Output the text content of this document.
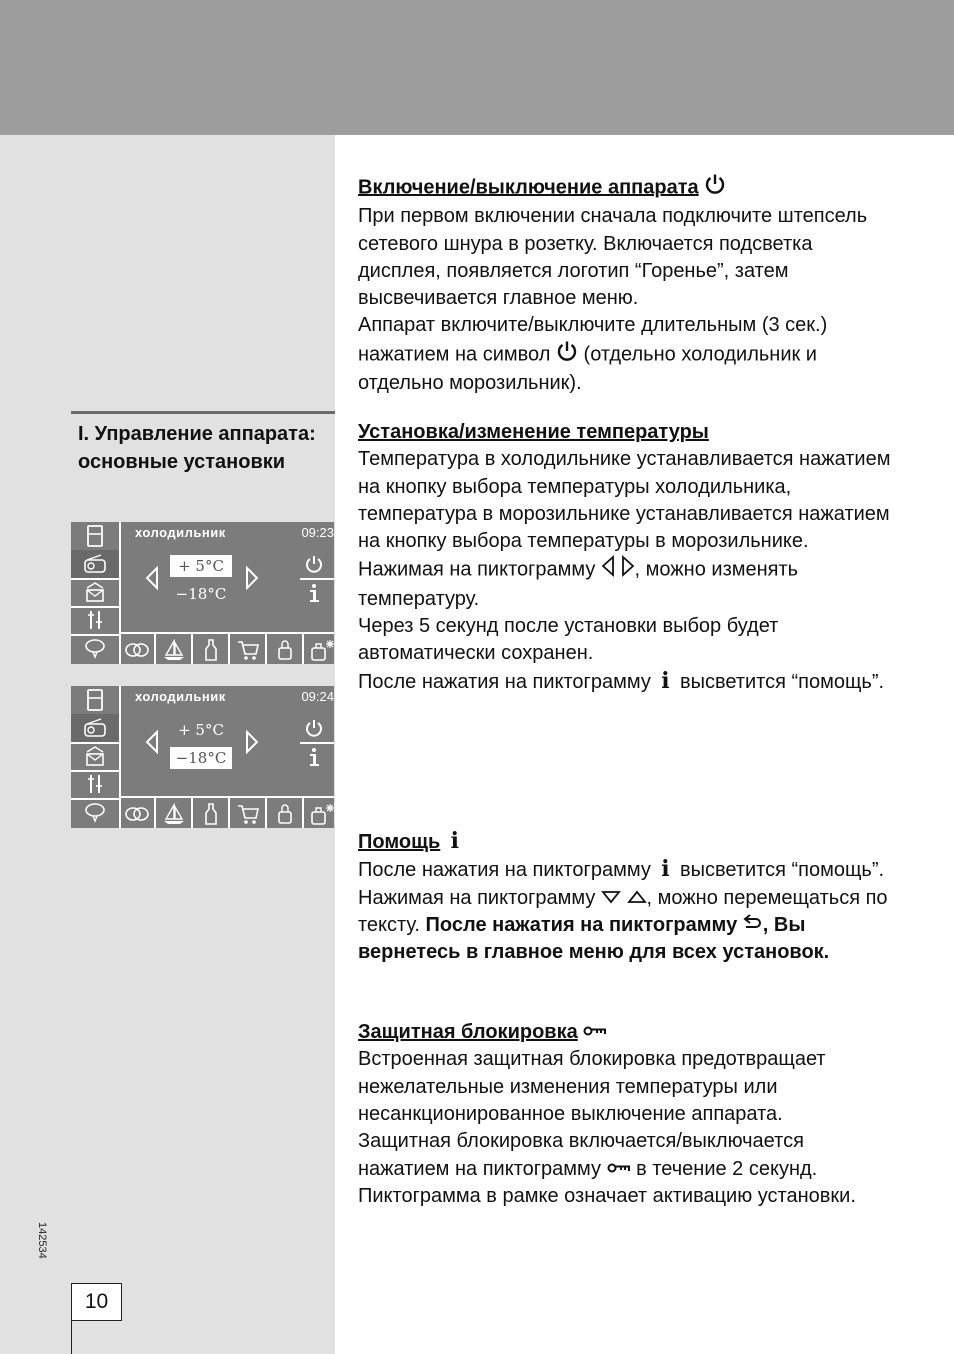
I. Управление аппарата: основные установки
холодильник	09:23
+ 5°C
−18°C
холодильник	09:24
+ 5°C
−18°C
142534
10

Включение/выключение аппарата

При первом включении сначала подключите штепсель сетевого шнура в розетку. Включается подсветка дисплея, появляется логотип “Горенье”, затем высвечивается главное меню.

Аппарат включите/выключите длительным (3 сек.) нажатием на символ (отдельно холодильник и отдельно морозильник).

Установка/изменение температуры

Температура в холодильнике устанавливается нажатием на кнопку выбора температуры холодильника, температура в морозильнике устанавливается нажатием на кнопку выбора температуры в морозильнике.

Нажимая на пиктограмму , можно изменять температуру.

Через 5 секунд после установки выбор будет автоматически сохранен.

После нажатия на пиктограмму i высветится “помощь”.

Помощь i

После нажатия на пиктограмму i высветится “помощь”. Нажимая на пиктограмму	, можно перемещаться по тексту. После нажатия на пиктограмму , Вы вернетесь в главное меню для всех установок.

Защитная блокировка

Встроенная защитная блокировка предотвращает нежелательные изменения температуры или несанкционированное выключение аппарата.

Защитная блокировка включается/выключается нажатием на пиктограмму в течение 2 секунд.

Пиктограмма в рамке означает активацию установки.
